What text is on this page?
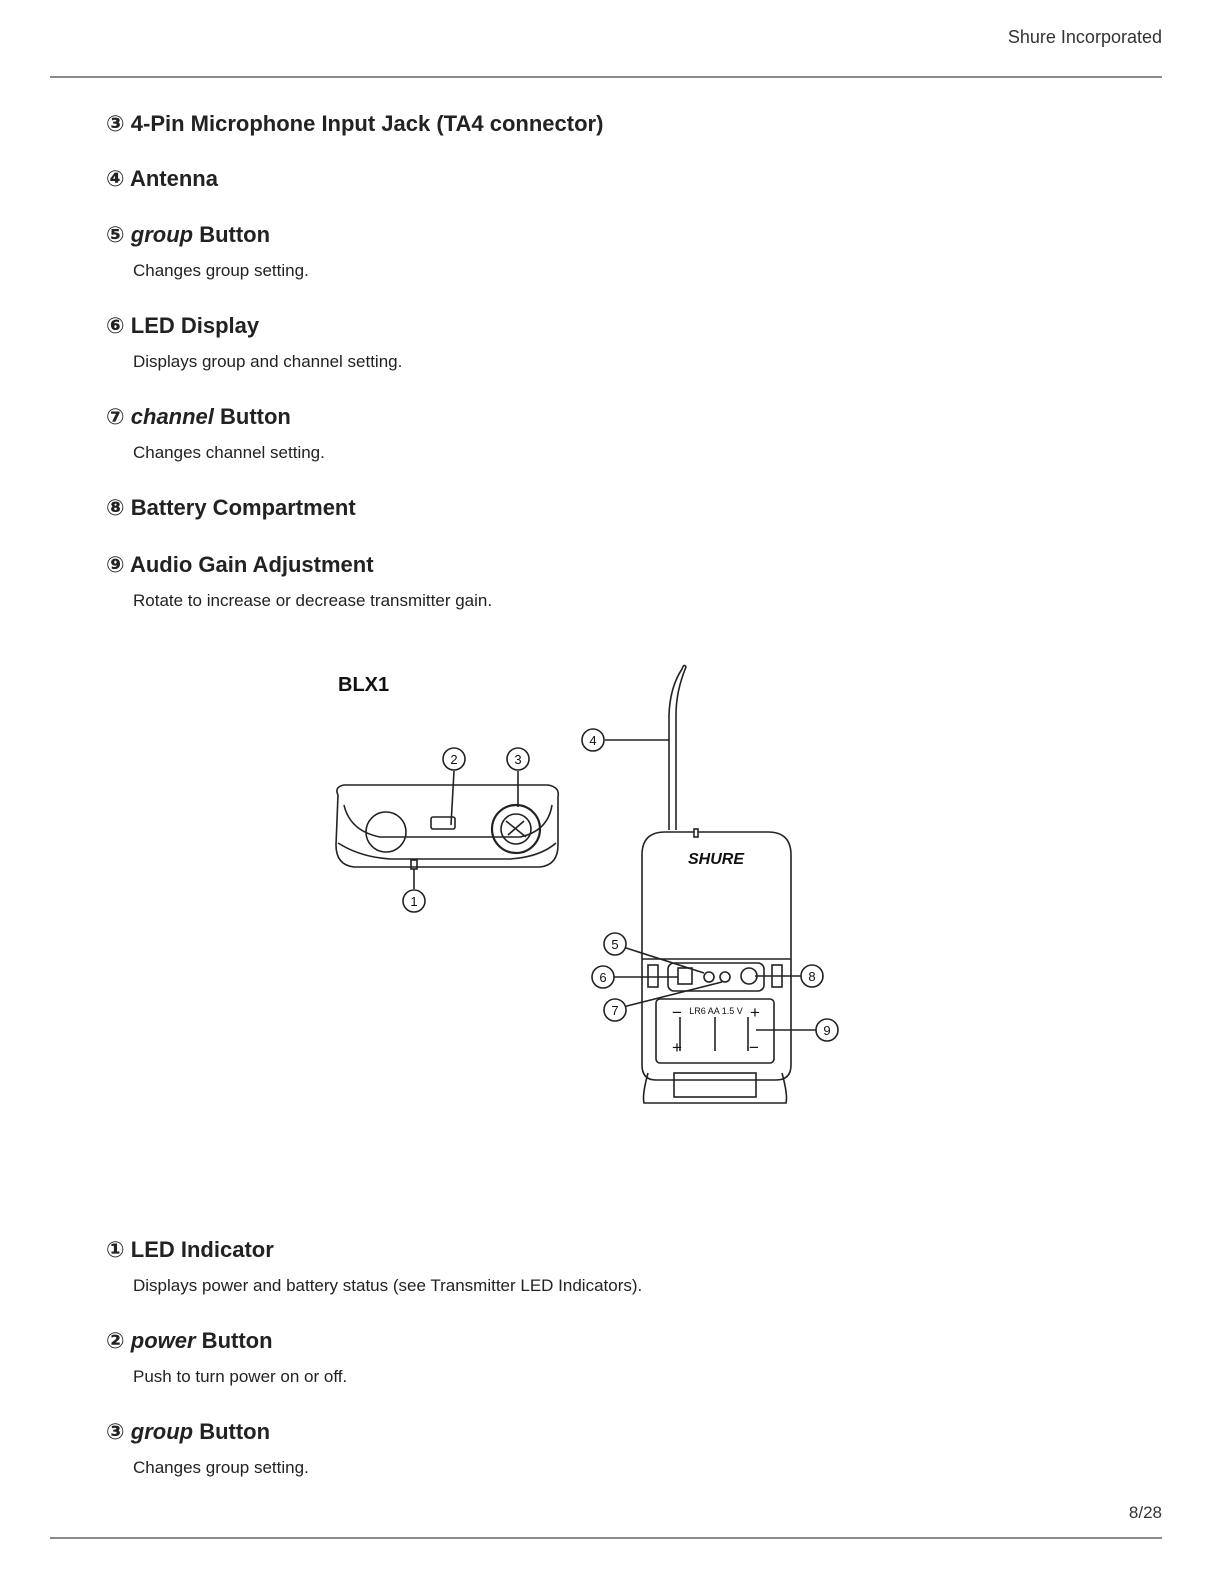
Shure Incorporated
③ 4-Pin Microphone Input Jack (TA4 connector)
④ Antenna
⑤ group Button

Changes group setting.

⑥ LED Display

Displays group and channel setting.

⑦ channel Button

Changes channel setting.

⑧ Battery Compartment
⑨ Audio Gain Adjustment

Rotate to increase or decrease transmitter gain.

1
2	3
4
5
6
7
8
9
SHURE
LR6 AA 1.5 V
−	+
+	−
BLX1
① LED Indicator

Displays power and battery status (see Transmitter LED Indicators).

② power Button

Push to turn power on or off.

③ group Button

Changes group setting.

8/28
